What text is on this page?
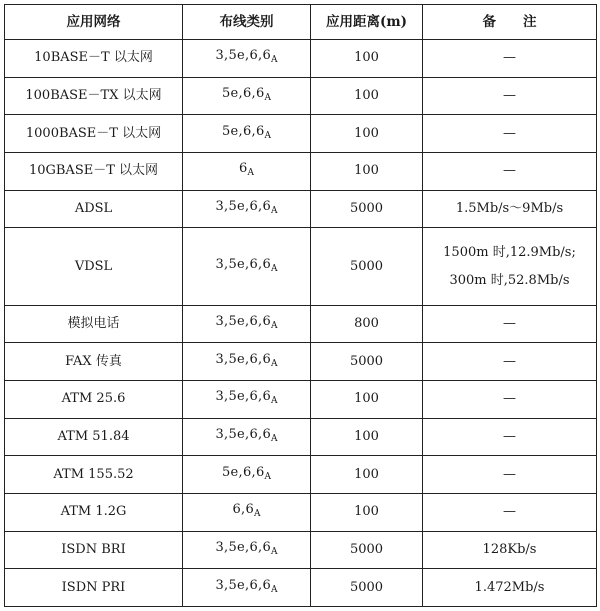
应用网络	布线类别	应用距离(m)	备　　注
10BASE－T 以太网	$3,5e,6,6_A$	100	—

100BASE－TX 以太网	$5e,6,6_A$	100	—

1000BASE－T 以太网	$5e,6,6_A$	100	—

10GBASE－T 以太网	$6_A$	100	—

ADSL	$3,5e,6,6_A$	5000	1.5Mb/s～9Mb/s

VDSL	$3,5e,6,6_A$	5000	1500m 时,12.9Mb/s;
300m 时,52.8Mb/s

模拟电话	$3,5e,6,6_A$	800	—

FAX 传真	$3,5e,6,6_A$	5000	—

ATM 25.6	$3,5e,6,6_A$	100	—

ATM 51.84	$3,5e,6,6_A$	100	—

ATM 155.52	$5e,6,6_A$	100	—

ATM 1.2G	$6,6_A$	100	—

ISDN BRI	$3,5e,6,6_A$	5000	128Kb/s

ISDN PRI	$3,5e,6,6_A$	5000	1.472Mb/s
